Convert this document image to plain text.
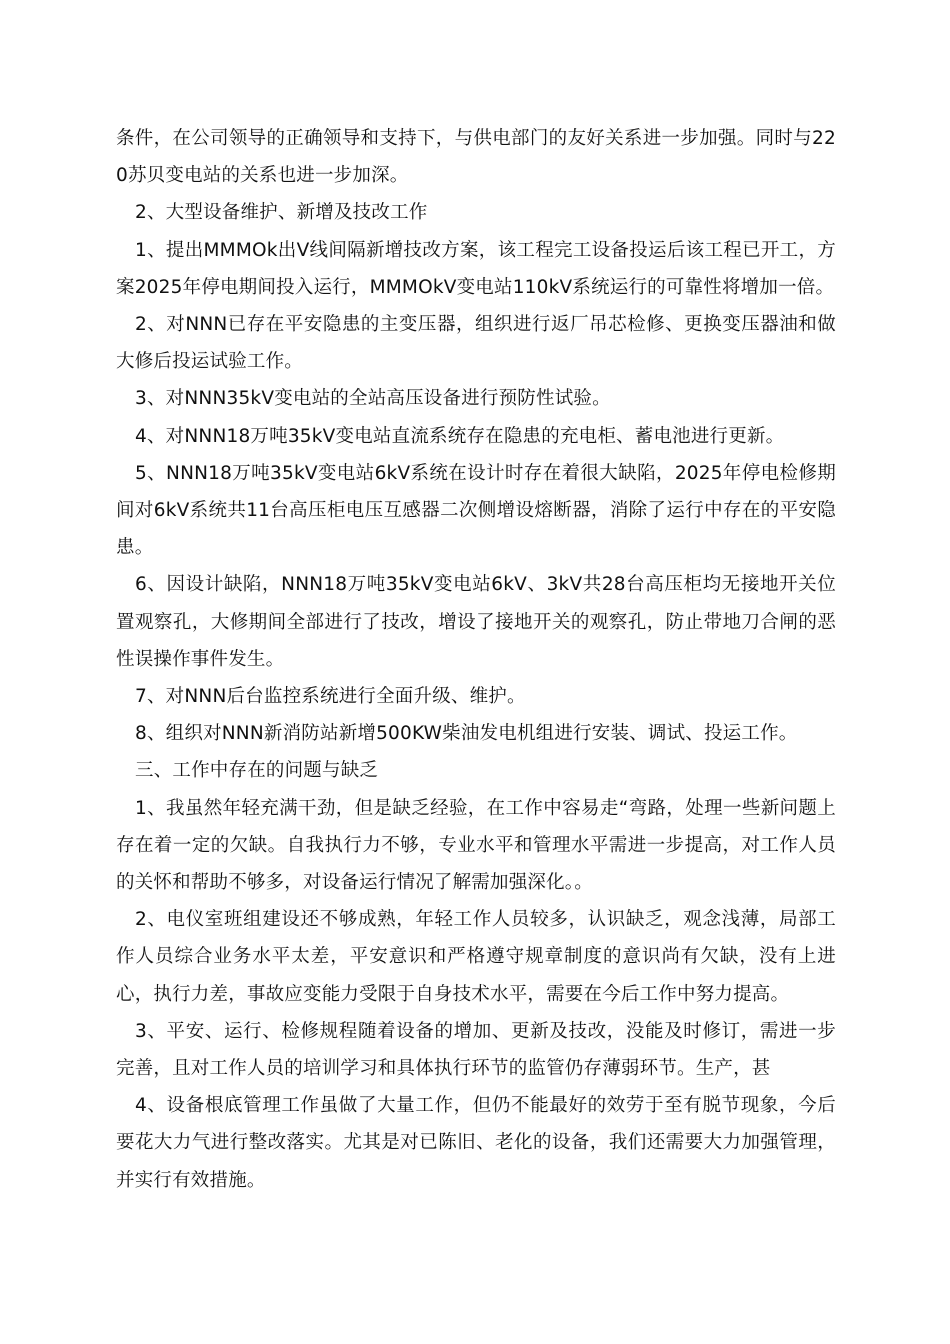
条件，在公司领导的正确领导和支持下，与供电部门的友好关系进一步加强。同时与220苏贝变电站的关系也进一步加深。

2、大型设备维护、新增及技改工作

1、提出MMMOk出V线间隔新增技改方案，该工程完工设备投运后该工程已开工，方案2025年停电期间投入运行，MMMOkV变电站110kV系统运行的可靠性将增加一倍。

2、对NNN已存在平安隐患的主变压器，组织进行返厂吊芯检修、更换变压器油和做大修后投运试验工作。

3、对NNN35kV变电站的全站高压设备进行预防性试验。

4、对NNN18万吨35kV变电站直流系统存在隐患的充电柜、蓄电池进行更新。

5、NNN18万吨35kV变电站6kV系统在设计时存在着很大缺陷，2025年停电检修期间对6kV系统共11台高压柜电压互感器二次侧增设熔断器，消除了运行中存在的平安隐患。

6、因设计缺陷，NNN18万吨35kV变电站6kV、3kV共28台高压柜均无接地开关位置观察孔，大修期间全部进行了技改，增设了接地开关的观察孔，防止带地刀合闸的恶性误操作事件发生。

7、对NNN后台监控系统进行全面升级、维护。

8、组织对NNN新消防站新增500KW柴油发电机组进行安装、调试、投运工作。

三、工作中存在的问题与缺乏

1、我虽然年轻充满干劲，但是缺乏经验，在工作中容易走“弯路，处理一些新问题上存在着一定的欠缺。自我执行力不够，专业水平和管理水平需进一步提高，对工作人员的关怀和帮助不够多，对设备运行情况了解需加强深化。。

2、电仪室班组建设还不够成熟，年轻工作人员较多，认识缺乏，观念浅薄，局部工作人员综合业务水平太差，平安意识和严格遵守规章制度的意识尚有欠缺，没有上进心，执行力差，事故应变能力受限于自身技术水平，需要在今后工作中努力提高。

3、平安、运行、检修规程随着设备的增加、更新及技改，没能及时修订，需进一步完善，且对工作人员的培训学习和具体执行环节的监管仍存薄弱环节。生产，甚

4、设备根底管理工作虽做了大量工作，但仍不能最好的效劳于至有脱节现象，今后要花大力气进行整改落实。尤其是对已陈旧、老化的设备，我们还需要大力加强管理，并实行有效措施。
